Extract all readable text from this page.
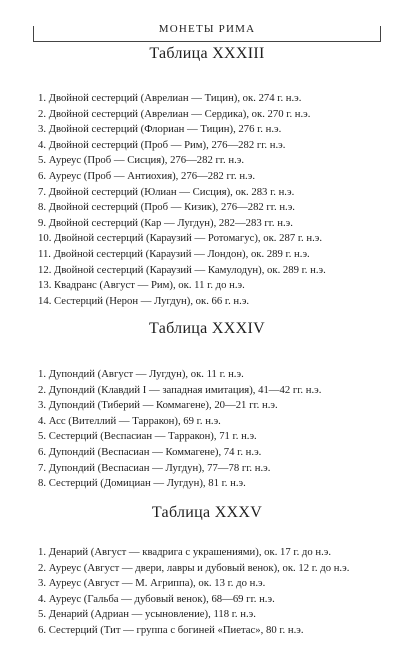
МОНЕТЫ РИМА
Таблица XXXIII
1. Двойной сестерций (Аврелиан — Тицин), ок. 274 г. н.э.
2. Двойной сестерций (Аврелиан — Сердика), ок. 270 г. н.э.
3. Двойной сестерций (Флориан — Тицин), 276 г. н.э.
4. Двойной сестерций (Проб — Рим), 276—282 гг. н.э.
5. Ауреус (Проб — Сисция), 276—282 гг. н.э.
6. Ауреус (Проб — Антиохия), 276—282 гг. н.э.
7. Двойной сестерций (Юлиан — Сисция), ок. 283 г. н.э.
8. Двойной сестерций (Проб — Кизик), 276—282 гг. н.э.
9. Двойной сестерций (Кар — Лугдун), 282—283 гг. н.э.
10. Двойной сестерций (Караузий — Ротомагус), ок. 287 г. н.э.
11. Двойной сестерций (Караузий — Лондон), ок. 289 г. н.э.
12. Двойной сестерций (Караузий — Камулодун), ок. 289 г. н.э.
13. Квадранс (Август — Рим), ок. 11 г. до н.э.
14. Сестерций (Нерон — Лугдун), ок. 66 г. н.э.
Таблица XXXIV
1. Дупондий (Август — Лугдун), ок. 11 г. н.э.
2. Дупондий (Клавдий I — западная имитация), 41—42 гг. н.э.
3. Дупондий (Тиберий — Коммагене), 20—21 гг. н.э.
4. Асс (Вителлий — Тарракон), 69 г. н.э.
5. Сестерций (Веспасиан — Тарракон), 71 г. н.э.
6. Дупондий (Веспасиан — Коммагене), 74 г. н.э.
7. Дупондий (Веспасиан — Лугдун), 77—78 гг. н.э.
8. Сестерций (Домициан — Лугдун), 81 г. н.э.
Таблица XXXV
1. Денарий (Август — квадрига с украшениями), ок. 17 г. до н.э.
2. Ауреус (Август — двери, лавры и дубовый венок), ок. 12 г. до н.э.
3. Ауреус (Август — М. Агриппа), ок. 13 г. до н.э.
4. Ауреус (Гальба — дубовый венок), 68—69 гг. н.э.
5. Денарий (Адриан — усыновление), 118 г. н.э.
6. Сестерций (Тит — группа с богиней «Пиетас», 80 г. н.э.
